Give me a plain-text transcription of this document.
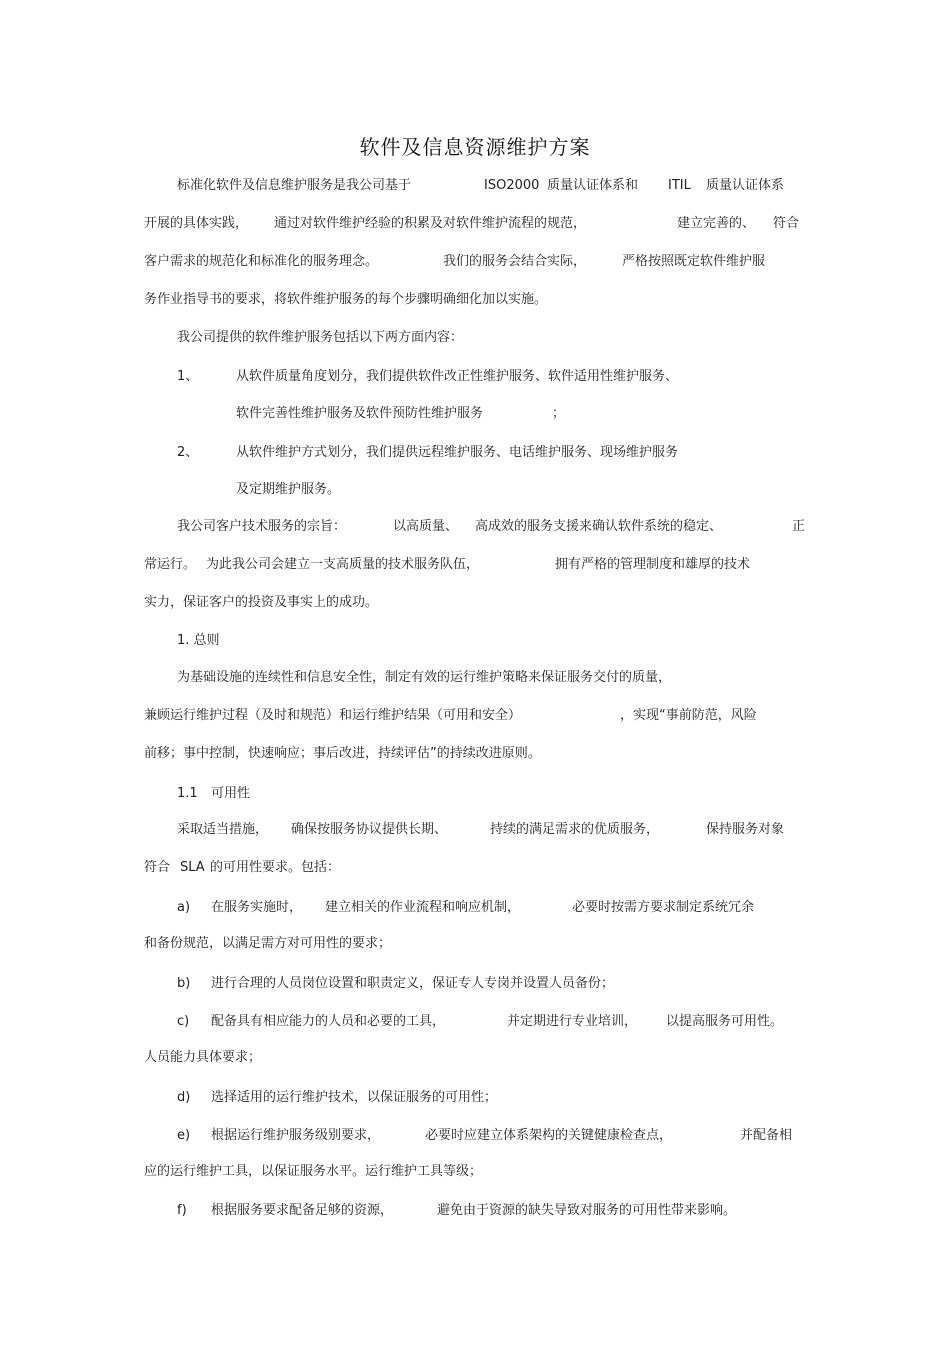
软件及信息资源维护方案
标准化软件及信息维护服务是我公司基于	ISO2000 质量认证体系和 ITIL 质量认证体系
开展的具体实践， 通过对软件维护经验的积累及对软件维护流程的规范，	建立完善的、 符合
客户需求的规范化和标准化的服务理念。	我们的服务会结合实际，	严格按照既定软件维护服
务作业指导书的要求，将软件维护服务的每个步骤明确细化加以实施。
我公司提供的软件维护服务包括以下两方面内容：
1、	从软件质量角度划分，我们提供软件改正性维护服务、软件适用性维护服务、
软件完善性维护服务及软件预防性维护服务	；
2、	从软件维护方式划分，我们提供远程维护服务、电话维护服务、现场维护服务
及定期维护服务。
我公司客户技术服务的宗旨：	以高质量、 高成效的服务支援来确认软件系统的稳定、	正
常运行。 为此我公司会建立一支高质量的技术服务队伍，	拥有严格的管理制度和雄厚的技术
实力，保证客户的投资及事实上的成功。
1. 总则
为基础设施的连续性和信息安全性，制定有效的运行维护策略来保证服务交付的质量，
兼顾运行维护过程（及时和规范）和运行维护结果（可用和安全）	，实现“事前防范，风险
前移；事中控制，快速响应；事后改进，持续评估”的持续改进原则。
1.1 可用性
采取适当措施， 确保按服务协议提供长期、	持续的满足需求的优质服务，	保持服务对象
符合 SLA 的可用性要求。包括：
a) 在服务实施时， 建立相关的作业流程和响应机制，	必要时按需方要求制定系统冗余
和备份规范，以满足需方对可用性的要求；
b) 进行合理的人员岗位设置和职责定义，保证专人专岗并设置人员备份；
c) 配备具有相应能力的人员和必要的工具，	并定期进行专业培训， 以提高服务可用性。
人员能力具体要求；
d) 选择适用的运行维护技术，以保证服务的可用性；
e) 根据运行维护服务级别要求，	必要时应建立体系架构的关键健康检查点，	并配备相
应的运行维护工具，以保证服务水平。运行维护工具等级；
f) 根据服务要求配备足够的资源，	避免由于资源的缺失导致对服务的可用性带来影响。
